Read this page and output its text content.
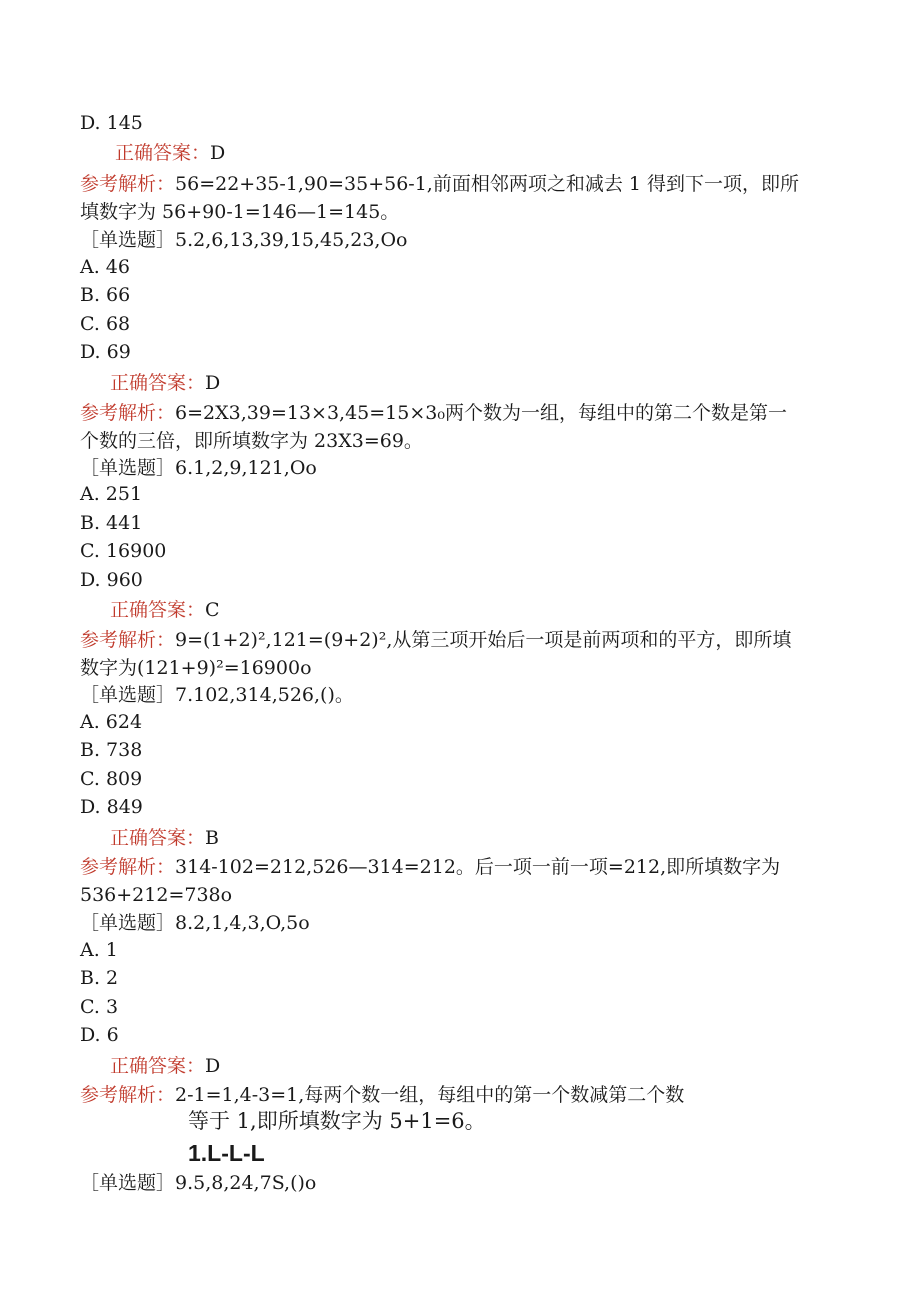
D. 145
正确答案：D
参考解析：56=22+35-1,90=35+56-1,前面相邻两项之和减去 1 得到下一项，即所
填数字为 56+90-1=146—1=145。
［单选题］5.2,6,13,39,15,45,23,Oo
A. 46
B. 66
C. 68
D. 69
正确答案：D
参考解析：6=2X3,39=13×3,45=15×3₀两个数为一组，每组中的第二个数是第一
个数的三倍，即所填数字为 23X3=69。
［单选题］6.1,2,9,121,Oo
A. 251
B. 441
C. 16900
D. 960
正确答案：C
参考解析：9=(1+2)²,121=(9+2)²,从第三项开始后一项是前两项和的平方，即所填
数字为(121+9)²=16900o
［单选题］7.102,314,526,()。
A. 624
B. 738
C. 809
D. 849
正确答案：B
参考解析：314-102=212,526—314=212。后一项一前一项=212,即所填数字为
536+212=738o
［单选题］8.2,1,4,3,O,5o
A. 1
B. 2
C. 3
D. 6
正确答案：D
参考解析：2-1=1,4-3=1,每两个数一组，每组中的第一个数减第二个数
等于 1,即所填数字为 5+1=6。
1.L-L-L
［单选题］9.5,8,24,7S,()o
